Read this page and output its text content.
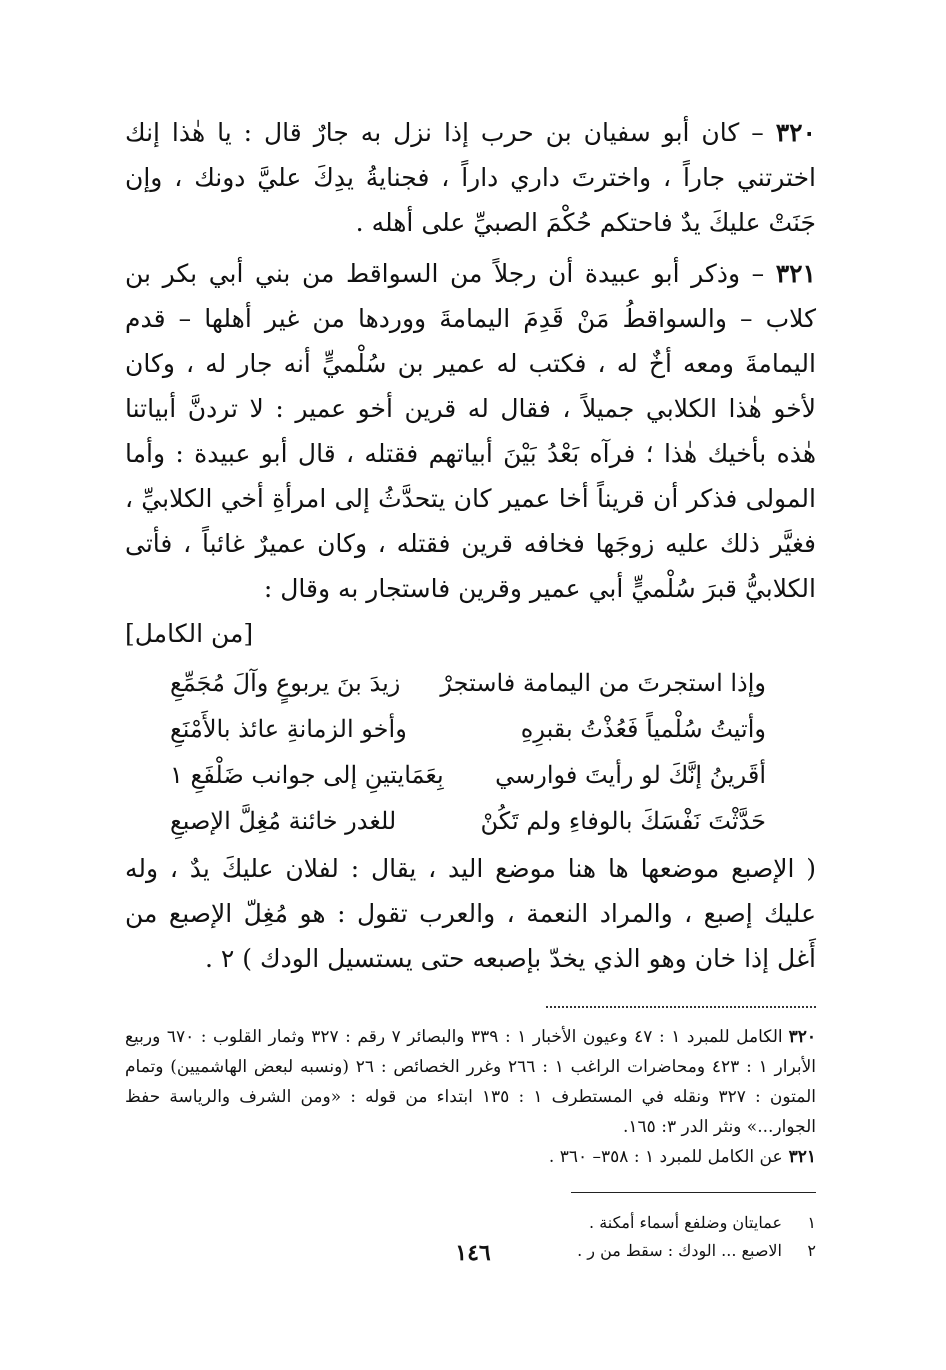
٣٢٠ – كان أبو سفيان بن حرب إذا نزل به جارٌ قال : يا هٰذا إنك اخترتني جاراً ، واخترتَ داري داراً ، فجنايةُ يدِكَ عليَّ دونك ، وإن جَنَتْ عليكَ يدٌ فاحتكم حُكْمَ الصبيِّ على أهله .

٣٢١ – وذكر أبو عبيدة أن رجلاً من السواقط من بني أبي بكر بن كلاب – والسواقطُ مَنْ قَدِمَ اليمامةَ ووردها من غير أهلها – قدم اليمامةَ ومعه أخٌ له ، فكتب له عمير بن سُلْميٍّ أنه جار له ، وكان لأخو هٰذا الكلابي جميلاً ، فقال له قرين أخو عمير : لا تردنَّ أبياتنا هٰذه بأخيك هٰذا ؛ فرآه بَعْدُ بَيْنَ أبياتهم فقتله ، قال أبو عبيدة : وأما المولى فذكر أن قريناً أخا عمير كان يتحدَّثُ إلى امرأةِ أخي الكلابيِّ ، فغيَّر ذلك عليه زوجَها فخافه قرين فقتله ، وكان عميرٌ غائباً ، فأتى الكلابيُّ قبرَ سُلْميٍّ أبي عمير وقرين فاستجار به وقال :

[من الكامل]
وإذا استجرتَ من اليمامة فاستجرْ
زيدَ بنَ يربوعٍ وآلَ مُجَمِّعِ
وأتيتُ سُلْمياً فَعُذْتُ بقبرِهِ
وأخو الزمانةِ عائذ بالأَمْنَعِ
أقَرينُ إنَّكَ لو رأيتَ فوارسي
بِعَمَايتينِ إلى جوانب ضَلْفَعِ ١
حَدَّثْتَ نَفْسَكَ بالوفاءِ ولم تَكُنْ
للغدر خائنة مُغِلَّ الإصبعِ

( الإصبع موضعها ها هنا موضع اليد ، يقال : لفلان عليكَ يدٌ ، وله عليك إصبع ، والمراد النعمة ، والعرب تقول : هو مُغِلّ الإصبع من أَغل إذا خان وهو الذي يخدّ بإصبعه حتى يستسيل الودك ) ٢ .

٣٢٠الكامل للمبرد ١ : ٤٧ وعيون الأخبار ١ : ٣٣٩ والبصائر ٧ رقم : ٣٢٧ وثمار القلوب : ٦٧٠ وربيع الأبرار ١ : ٤٢٣ ومحاضرات الراغب ١ : ٢٦٦ وغرر الخصائص : ٢٦ (ونسبه لبعض الهاشميين) وتمام المتون : ٣٢٧ ونقله في المستطرف ١ : ١٣٥ ابتداء من قوله : «ومن الشرف والرياسة حفظ الجوار...» ونثر الدر ٣: ١٦٥.
٣٢١عن الكامل للمبرد ١ : ٣٥٨– ٣٦٠ .
١
عمايتان وضلفع أسماء أمكنة .
٢
الاصبع ... الودك : سقط من ر .
١٤٦
